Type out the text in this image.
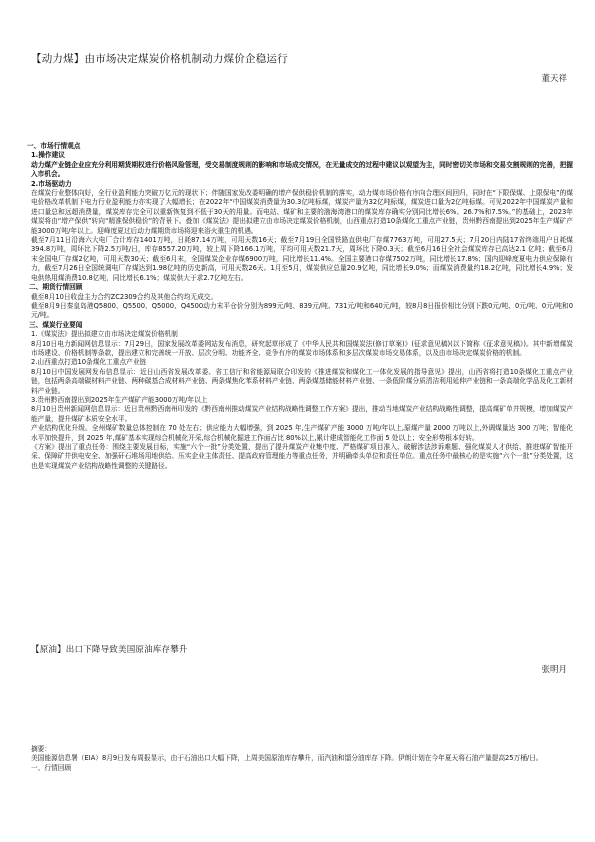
【动力煤】由市场决定煤炭价格机制动力煤价企稳运行
董天祥

一、市场行情观点

1.操作建议

动力煤产业链企业应充分利用期货期权进行价格风险管理，受交易制度规则的影响和市场成交情况，在无量成交的过程中建议以观望为主，同时密切关市场和交易交割规则的完善，把握入市机会。

2.市场驱动力

在煤炭行业整体向好，全行业盈利能力突破万亿元的现状下；伴随国家发改委明确的增产保供稳价机制的落实，动力煤市场价格有序向合理区间回归，同时在“下限保煤、上限保电”的煤电价格改革机制下电力行业盈利能力亦实现了大幅增长；在2022年“中国煤炭消费量为30.3亿吨标煤，煤炭产量为32亿吨标煤，煤炭进口量为2亿吨标煤。可见2022年中国煤炭产量和进口量总和远超消费量，煤炭库存完全可以重新恢复到不低于30天的用量。而电站、煤矿和主要的渤海湾港口的煤炭库存确实分别同比增长6%、26.7%和7.5%。”的基础上，2023年煤炭将由“增产保供”转向“精准保供稳价”的背景下。叠加《煤炭法》提出拟建立由市场决定煤炭价格机制，山西重点打造10条煤化工重点产业链，贵州黔西南提出到2025年生产煤矿产能3000万吨/年以上。迎峰度夏过后动力煤期货市场将迎来浴火重生的机遇。

截至7月11日沿海六大电厂合计库存1401万吨，日耗87.14万吨，可用天数16天；截至7月19日全国铁路直供电厂存煤7763万吨，可用27.5天；7月20日内陆17省终端用户日耗煤394.8万吨，周环比下降2.5万吨/日，库存8557.20万吨，较上周下降166.1万吨，平均可用天数21.7天，周环比下降0.3天；截至6月16日全社会煤炭库存已高达2.1 亿吨；截至6月末全国电厂存煤2亿吨，可用天数30天；截至6月末，全国煤炭企业存煤6900万吨，同比增长11.4%。全国主要港口存煤7502万吨，同比增长17.8%；国内迎峰度夏电力供应保障有力，截至7月26日全国统调电厂存煤达到1.98亿吨的历史新高，可用天数26天。1月至5月，煤炭供应总量20.9亿吨，同比增长9.0%；而煤炭消费量约18.2亿吨，同比增长4.9%；发电供热用煤消费10.8亿吨，同比增长6.1%；煤炭供大于求2.7亿吨左右。

二、期货行情回顾

截至8月10日收盘主力合约ZC2309合约及其他合约均无成交。

截至8月9日秦皇岛港Q5800、Q5500、Q5000、Q4500动力末平仓价分别为899元/吨、839元/吨、731元/吨和640元/吨，较8月8日报价相比分别下跌0元/吨、0元/吨、0元/吨和0元/吨。

三、煤炭行业要闻

1.《煤炭法》提出拟建立由市场决定煤炭价格机制

8月10日电力新闻网信息显示：7月29日，国家发展改革委网站发布消息，研究起草形成了《中华人民共和国煤炭法(修订草案)》(征求意见稿)(以下简称《征求意见稿》)。其中新增煤炭市场建设、价格机制等条款，提出建立和完善统一开放、层次分明、功能齐全、竞争有序的煤炭市场体系和多层次煤炭市场交易体系，以及由市场决定煤炭价格的机制。

2.山西重点打造10条煤化工重点产业链

8月10日中国发展网发布信息显示：近日山西省发展改革委、省工信厅和省能源局联合印发的《推进煤炭和煤化工一体化发展的指导意见》提出，山西省将打造10条煤化工重点产业链，包括两条高端碳材料产业链、两种碳基合成材料产业链、两条煤焦化苯系材料产业链、两条煤基储能材料产业链、一条低阶煤分质清洁利用延伸产业链和一条高端化学品及化工新材料产业链。

3.贵州黔西南提出到2025年生产煤矿产能3000万吨/年以上

8月10日贵州新闻网信息显示：近日贵州黔西南州印发的《黔西南州推动煤炭产业结构战略性调整工作方案》提出，推动当地煤炭产业结构战略性调整，提高煤矿单井规模，增加煤炭产能产量，提升煤矿本质安全水平。

产业结构优化升级。全州煤矿数量总体控制在 70 处左右；供应能力大幅增强，到 2025 年,生产煤矿产能 3000 万吨/年以上,原煤产量 2000 万吨以上,外调煤量达 300 万吨；智能化水平加快提升，到 2025 年,煤矿基本实现综合机械化开采,综合机械化掘进工作面占比 80%以上,累计建成智能化工作面 5 处以上；安全形势根本好转。

《方案》提出了重点任务：围绕主要发展目标，实施“六个一批”分类处置，提出了提升煤炭产业集中度、严格煤矿项目准入、破解涉法涉诉难题、强化煤炭人才供给、推进煤矿智能开采、保障矿井供电安全、加强矸石堆场用地供给、压实企业主体责任、提高政府管理能力等重点任务，并明确牵头单位和责任单位。重点任务中最核心的是实施“六个一批”分类处置，这也是实现煤炭产业结构战略性调整的关键路径。

【原油】出口下降导致美国原油库存攀升
张明月

摘要：

美国能源信息署（EIA）8月9日发布周报显示，由于石油出口大幅下降，上周美国原油库存攀升，而汽油和馏分油库存下降。伊朗计划在今年夏天将石油产量提高25万桶/日。

一、行情回顾
